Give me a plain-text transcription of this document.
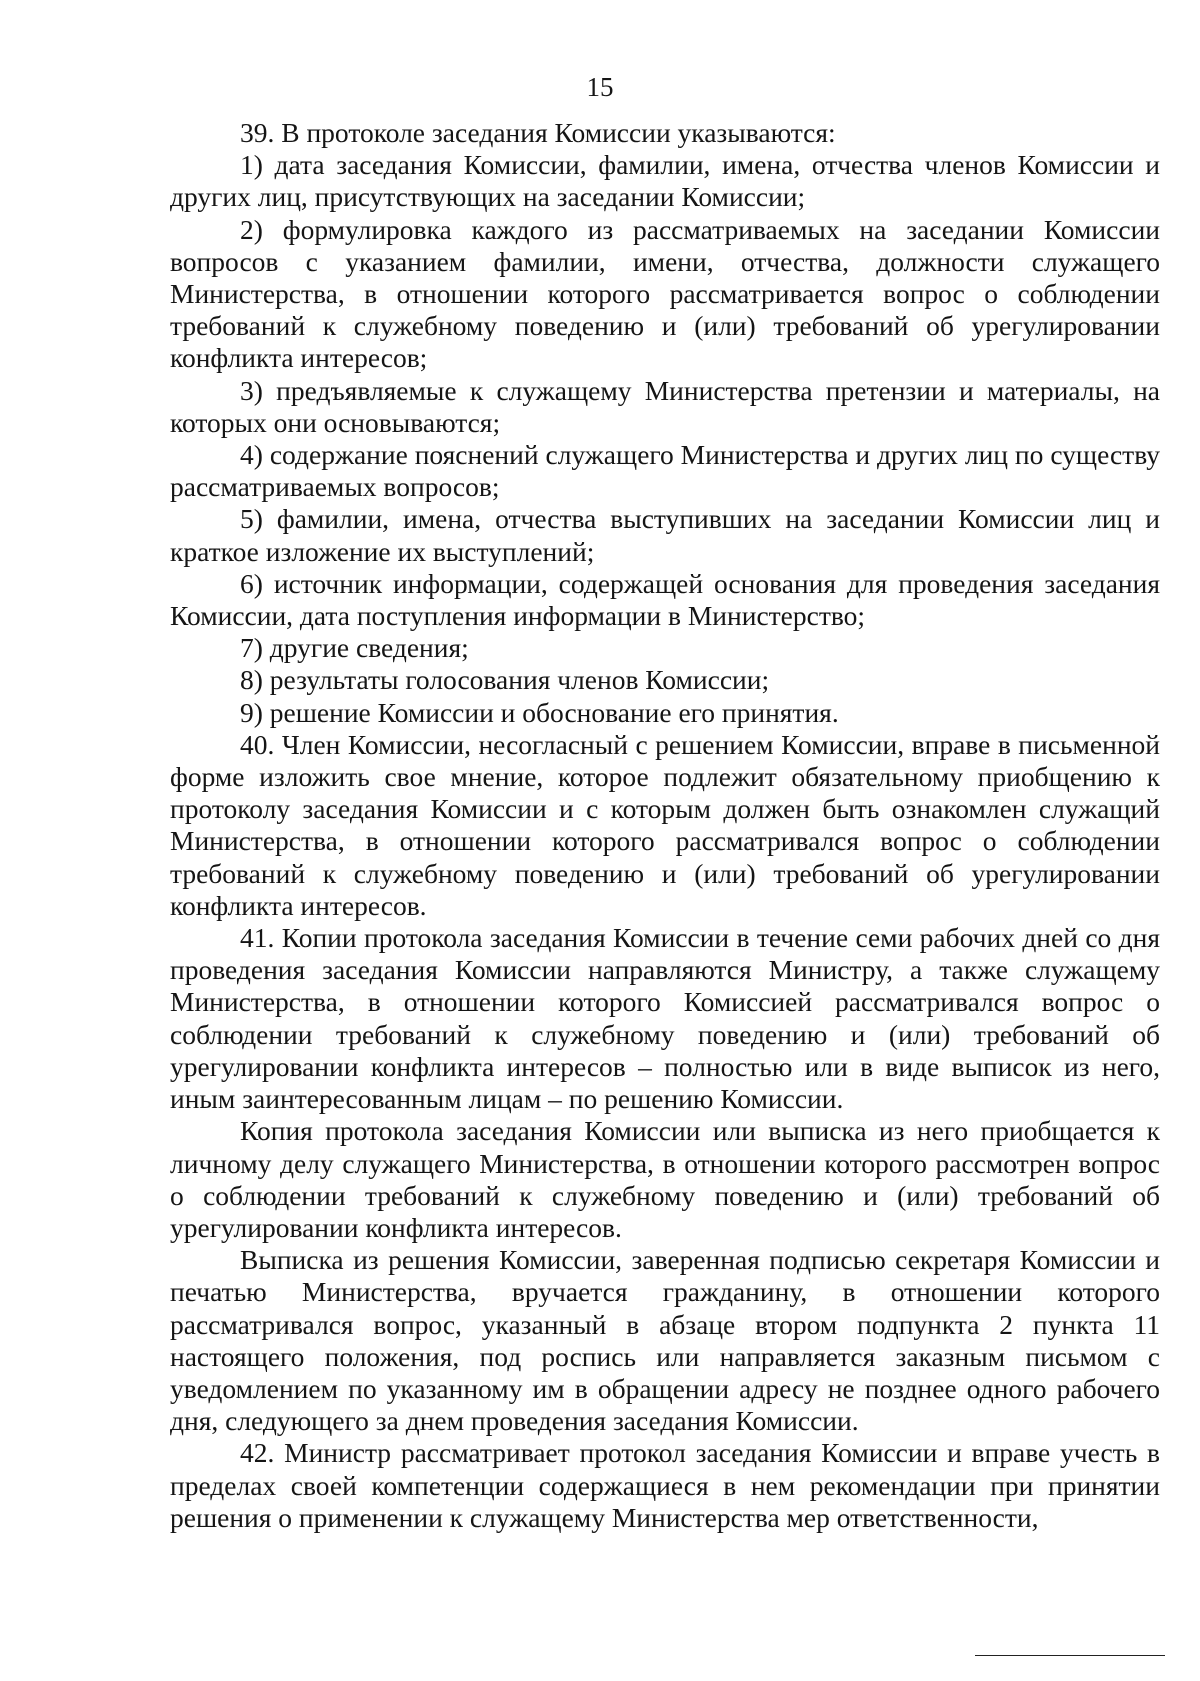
15

39. В протоколе заседания Комиссии указываются:

1) дата заседания Комиссии, фамилии, имена, отчества членов Комиссии и других лиц, присутствующих на заседании Комиссии;

2) формулировка каждого из рассматриваемых на заседании Комиссии вопросов с указанием фамилии, имени, отчества, должности служащего Министерства, в отношении которого рассматривается вопрос о соблюдении требований к служебному поведению и (или) требований об урегулировании конфликта интересов;

3) предъявляемые к служащему Министерства претензии и материалы, на которых они основываются;

4) содержание пояснений служащего Министерства и других лиц по существу рассматриваемых вопросов;

5) фамилии, имена, отчества выступивших на заседании Комиссии лиц и краткое изложение их выступлений;

6) источник информации, содержащей основания для проведения заседания Комиссии, дата поступления информации в Министерство;

7) другие сведения;

8) результаты голосования членов Комиссии;

9) решение Комиссии и обоснование его принятия.

40. Член Комиссии, несогласный с решением Комиссии, вправе в письменной форме изложить свое мнение, которое подлежит обязательному приобщению к протоколу заседания Комиссии и с которым должен быть ознакомлен служащий Министерства, в отношении которого рассматривался вопрос о соблюдении требований к служебному поведению и (или) требований об урегулировании конфликта интересов.

41. Копии протокола заседания Комиссии в течение семи рабочих дней со дня проведения заседания Комиссии направляются Министру, а также служащему Министерства, в отношении которого Комиссией рассматривался вопрос о соблюдении требований к служебному поведению и (или) требований об урегулировании конфликта интересов – полностью или в виде выписок из него, иным заинтересованным лицам – по решению Комиссии.

Копия протокола заседания Комиссии или выписка из него приобщается к личному делу служащего Министерства, в отношении которого рассмотрен вопрос о соблюдении требований к служебному поведению и (или) требований об урегулировании конфликта интересов.

Выписка из решения Комиссии, заверенная подписью секретаря Комиссии и печатью Министерства, вручается гражданину, в отношении которого рассматривался вопрос, указанный в абзаце втором подпункта 2 пункта 11 настоящего положения, под роспись или направляется заказным письмом с уведомлением по указанному им в обращении адресу не позднее одного рабочего дня, следующего за днем проведения заседания Комиссии.

42. Министр рассматривает протокол заседания Комиссии и вправе учесть в пределах своей компетенции содержащиеся в нем рекомендации при принятии решения о применении к служащему Министерства мер ответственности,
